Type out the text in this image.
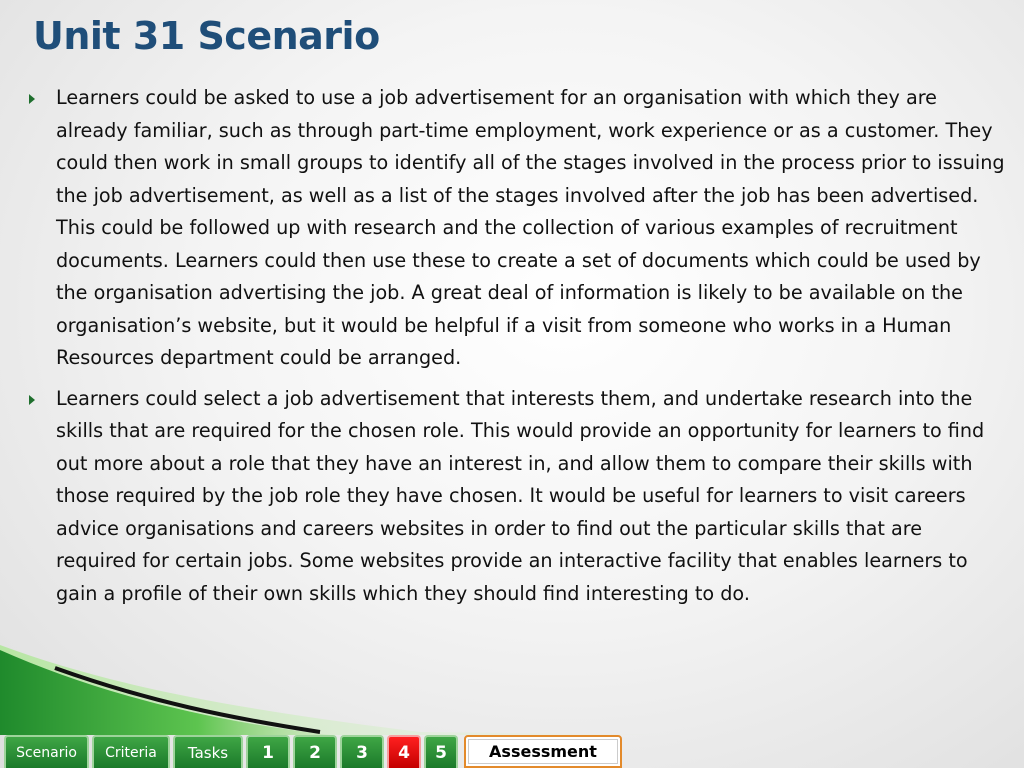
Unit 31 Scenario
Learners could be asked to use a job advertisement for an organisation with which they are already familiar, such as through part-time employment, work experience or as a customer. They could then work in small groups to identify all of the stages involved in the process prior to issuing the job advertisement, as well as a list of the stages involved after the job has been advertised. This could be followed up with research and the collection of various examples of recruitment documents. Learners could then use these to create a set of documents which could be used by the organisation advertising the job. A great deal of information is likely to be available on the organisation’s website, but it would be helpful if a visit from someone who works in a Human Resources department could be arranged.
Learners could select a job advertisement that interests them, and undertake research into the skills that are required for the chosen role. This would provide an opportunity for learners to find out more about a role that they have an interest in, and allow them to compare their skills with those required by the job role they have chosen. It would be useful for learners to visit careers advice organisations and careers websites in order to find out the particular skills that are required for certain jobs. Some websites provide an interactive facility that enables learners to gain a profile of their own skills which they should find interesting to do.
Scenario	Criteria	Tasks	1	2	3	4	5	Assessment
